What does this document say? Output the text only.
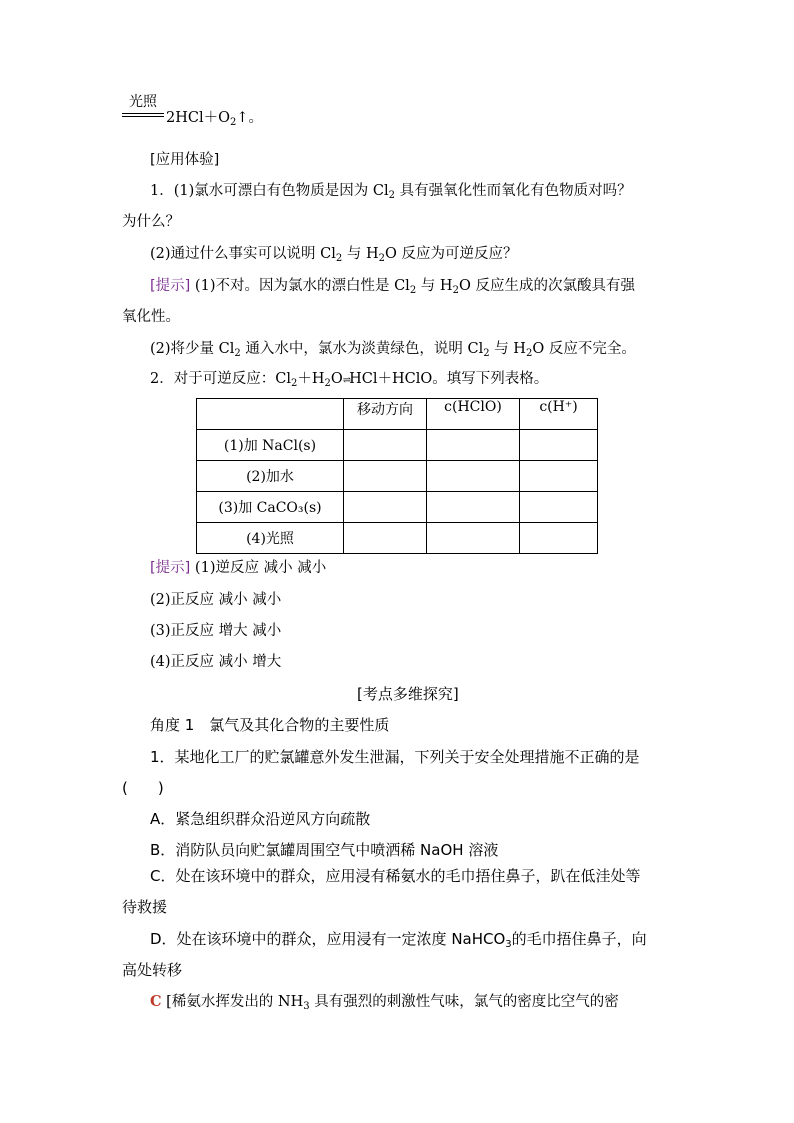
光照
$2HCl+O_2↑$。
[应用体验]
1．(1)氯水可漂白有色物质是因为 $Cl_2$ 具有强氧化性而氧化有色物质对吗？
为什么？
(2)通过什么事实可以说明 $Cl_2$ 与 $H_2O$ 反应为可逆反应？
[提示] (1)不对。因为氯水的漂白性是 $Cl_2$ 与 $H_2O$ 反应生成的次氯酸具有强
氧化性。
(2)将少量 $Cl_2$ 通入水中，氯水为淡黄绿色，说明 $Cl_2$ 与 $H_2O$ 反应不完全。
2．对于可逆反应：$Cl_2+H_2O\rightleftharpoons HCl+HClO$。填写下列表格。
	移动方向	c(HClO)	c(H⁺)
(1)加 NaCl(s)			
(2)加水			
(3)加 CaCO₃(s)			
(4)光照			
[提示] (1)逆反应 减小 减小
(2)正反应 减小 减小
(3)正反应 增大 减小
(4)正反应 减小 增大
[考点多维探究]
角度 1　氯气及其化合物的主要性质
1．某地化工厂的贮氯罐意外发生泄漏，下列关于安全处理措施不正确的是
(　　)
A．紧急组织群众沿逆风方向疏散
B．消防队员向贮氯罐周围空气中喷洒稀 NaOH 溶液
C．处在该环境中的群众，应用浸有稀氨水的毛巾捂住鼻子，趴在低洼处等
待救援
D．处在该环境中的群众，应用浸有一定浓度 NaHCO$_3$的毛巾捂住鼻子，向
高处转移
C [稀氨水挥发出的 $NH_3$ 具有强烈的刺激性气味，氯气的密度比空气的密
